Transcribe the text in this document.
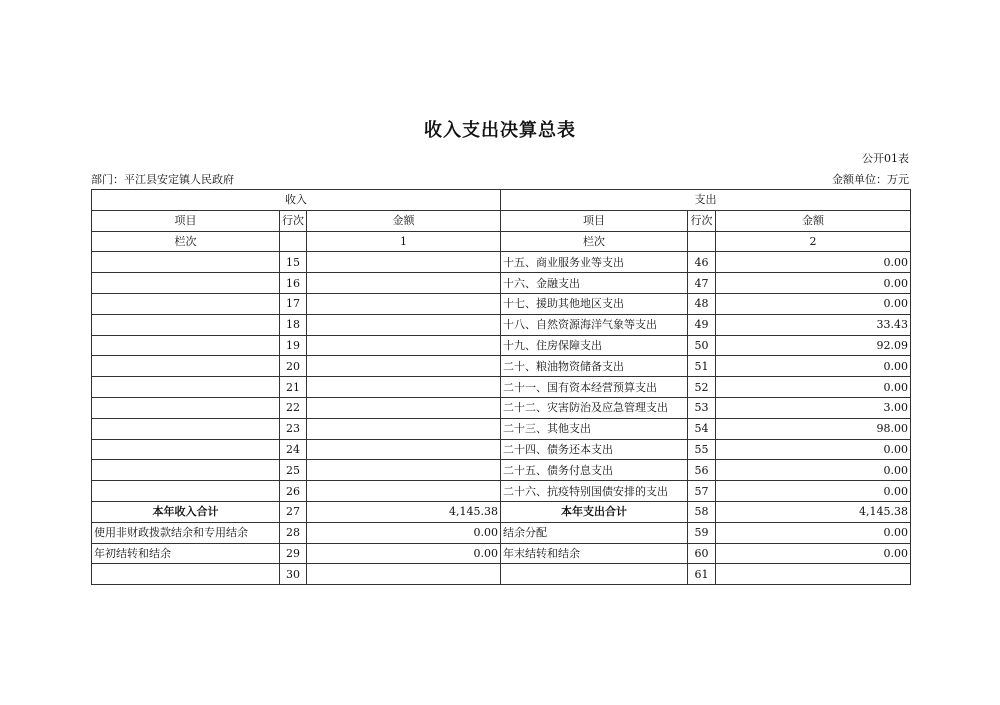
收入支出决算总表
公开01表
部门：平江县安定镇人民政府	金额单位：万元
收入			支出		
项目	行次	金额	项目	行次	金额
栏次		1	栏次		2
	15		十五、商业服务业等支出	46	0.00
	16		十六、金融支出	47	0.00
	17		十七、援助其他地区支出	48	0.00
	18		十八、自然资源海洋气象等支出	49	33.43
	19		十九、住房保障支出	50	92.09
	20		二十、粮油物资储备支出	51	0.00
	21		二十一、国有资本经营预算支出	52	0.00
	22		二十二、灾害防治及应急管理支出	53	3.00
	23		二十三、其他支出	54	98.00
	24		二十四、债务还本支出	55	0.00
	25		二十五、债务付息支出	56	0.00
	26		二十六、抗疫特别国债安排的支出	57	0.00
本年收入合计	27	4,145.38	本年支出合计	58	4,145.38
使用非财政拨款结余和专用结余	28	0.00	结余分配	59	0.00
年初结转和结余	29	0.00	年末结转和结余	60	0.00
	30			61	
